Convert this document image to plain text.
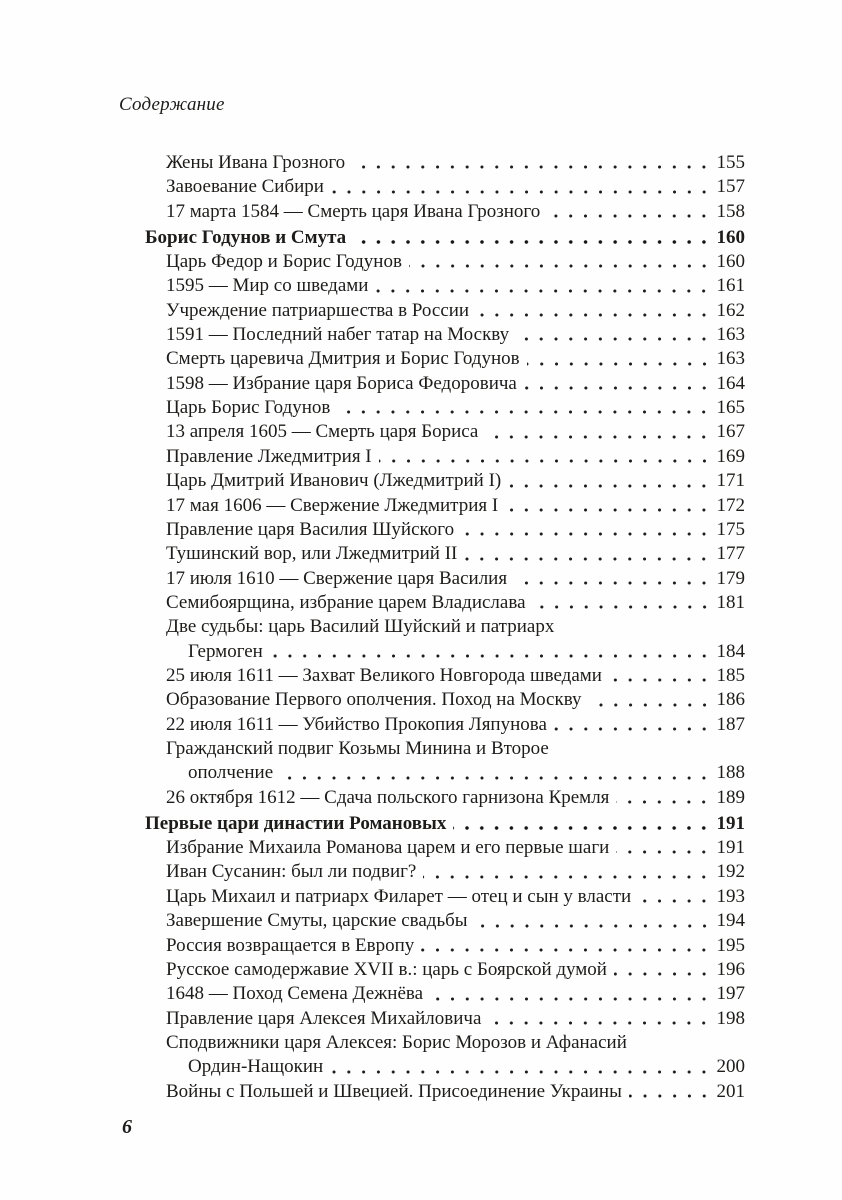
Содержание
Жены Ивана Грозного	155
Завоевание Сибири	157
17 марта 1584 — Смерть царя Ивана Грозного	158
Борис Годунов и Смута	160
Царь Федор и Борис Годунов	160
1595 — Мир со шведами	161
Учреждение патриаршества в России	162
1591 — Последний набег татар на Москву	163
Смерть царевича Дмитрия и Борис Годунов	163
1598 — Избрание царя Бориса Федоровича	164
Царь Борис Годунов	165
13 апреля 1605 — Смерть царя Бориса	167
Правление Лжедмитрия I	169
Царь Дмитрий Иванович (Лжедмитрий I)	171
17 мая 1606 — Свержение Лжедмитрия I	172
Правление царя Василия Шуйского	175
Тушинский вор, или Лжедмитрий II	177
17 июля 1610 — Свержение царя Василия	179
Семибоярщина, избрание царем Владислава	181
Две судьбы: царь Василий Шуйский и патриарх
Гермоген	184
25 июля 1611 — Захват Великого Новгорода шведами	185
Образование Первого ополчения. Поход на Москву	186
22 июля 1611 — Убийство Прокопия Ляпунова	187
Гражданский подвиг Козьмы Минина и Второе
ополчение	188
26 октября 1612 — Сдача польского гарнизона Кремля	189
Первые цари династии Романовых	191
Избрание Михаила Романова царем и его первые шаги	191
Иван Сусанин: был ли подвиг?	192
Царь Михаил и патриарх Филарет — отец и сын у власти	193
Завершение Смуты, царские свадьбы	194
Россия возвращается в Европу	195
Русское самодержавие XVII в.: царь с Боярской думой	196
1648 — Поход Семена Дежнёва	197
Правление царя Алексея Михайловича	198
Сподвижники царя Алексея: Борис Морозов и Афанасий
Ордин-Нащокин	200
Войны с Польшей и Швецией. Присоединение Украины	201
6
